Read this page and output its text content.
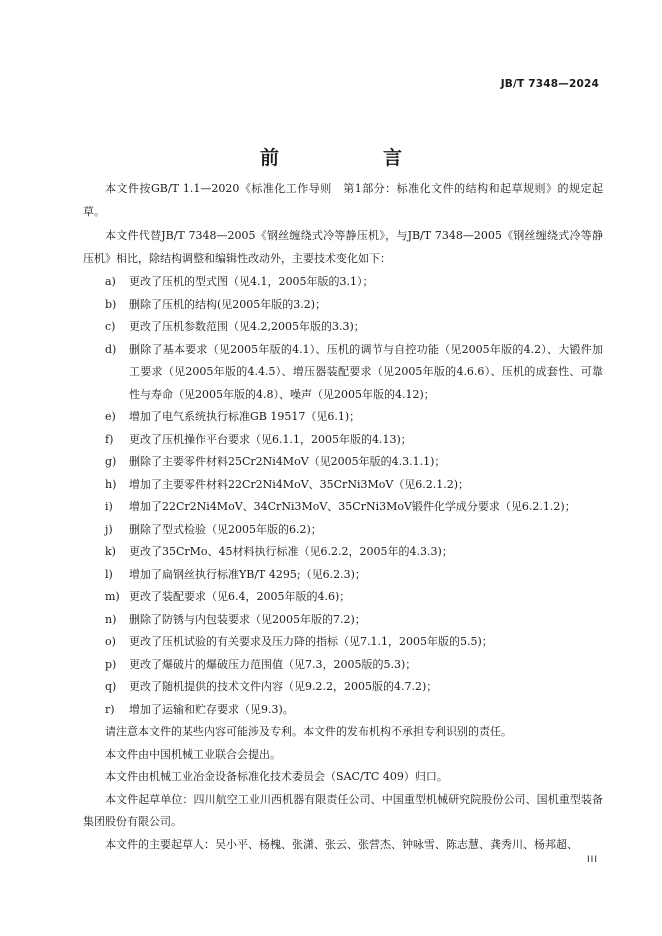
JB/T 7348—2024
前　　言

本文件按GB/T 1.1—2020《标准化工作导则　第1部分：标准化文件的结构和起草规则》的规定起草。

本文件代替JB/T 7348—2005《钢丝缠绕式冷等静压机》，与JB/T 7348—2005《钢丝缠绕式冷等静压机》相比，除结构调整和编辑性改动外，主要技术变化如下：

a) 更改了压机的型式图（见4.1，2005年版的3.1）；
b) 删除了压机的结构(见2005年版的3.2)；
c) 更改了压机参数范围（见4.2,2005年版的3.3)；
d) 删除了基本要求（见2005年版的4.1）、压机的调节与自控功能（见2005年版的4.2）、大锻件加工要求（见2005年版的4.4.5）、增压器装配要求（见2005年版的4.6.6）、压机的成套性、可靠性与寿命（见2005年版的4.8）、噪声（见2005年版的4.12)；
e) 增加了电气系统执行标准GB 19517（见6.1)；
f) 更改了压机操作平台要求（见6.1.1，2005年版的4.13)；
g) 删除了主要零件材料25Cr2Ni4MoV（见2005年版的4.3.1.1)；
h) 增加了主要零件材料22Cr2Ni4MoV、35CrNi3MoV（见6.2.1.2)；
i) 增加了22Cr2Ni4MoV、34CrNi3MoV、35CrNi3MoV锻件化学成分要求（见6.2.1.2)；
j) 删除了型式检验（见2005年版的6.2)；
k) 更改了35CrMo、45材料执行标准（见6.2.2，2005年的4.3.3)；
l) 增加了扁钢丝执行标准YB/T 4295;（见6.2.3)；
m) 更改了装配要求（见6.4，2005年版的4.6)；
n) 删除了防锈与内包装要求（见2005年版的7.2)；
o) 更改了压机试验的有关要求及压力降的指标（见7.1.1，2005年版的5.5)；
p) 更改了爆破片的爆破压力范围值（见7.3，2005版的5.3)；
q) 更改了随机提供的技术文件内容（见9.2.2，2005版的4.7.2)；
r) 增加了运输和贮存要求（见9.3)。

请注意本文件的某些内容可能涉及专利。本文件的发布机构不承担专利识别的责任。

本文件由中国机械工业联合会提出。

本文件由机械工业冶金设备标准化技术委员会（SAC/TC 409）归口。

本文件起草单位：四川航空工业川西机器有限责任公司、中国重型机械研究院股份公司、国机重型装备集团股份有限公司。

本文件的主要起草人：吴小平、杨槐、张潇、张云、张营杰、钟咏雪、陈志慧、龚秀川、杨邦超、

III
